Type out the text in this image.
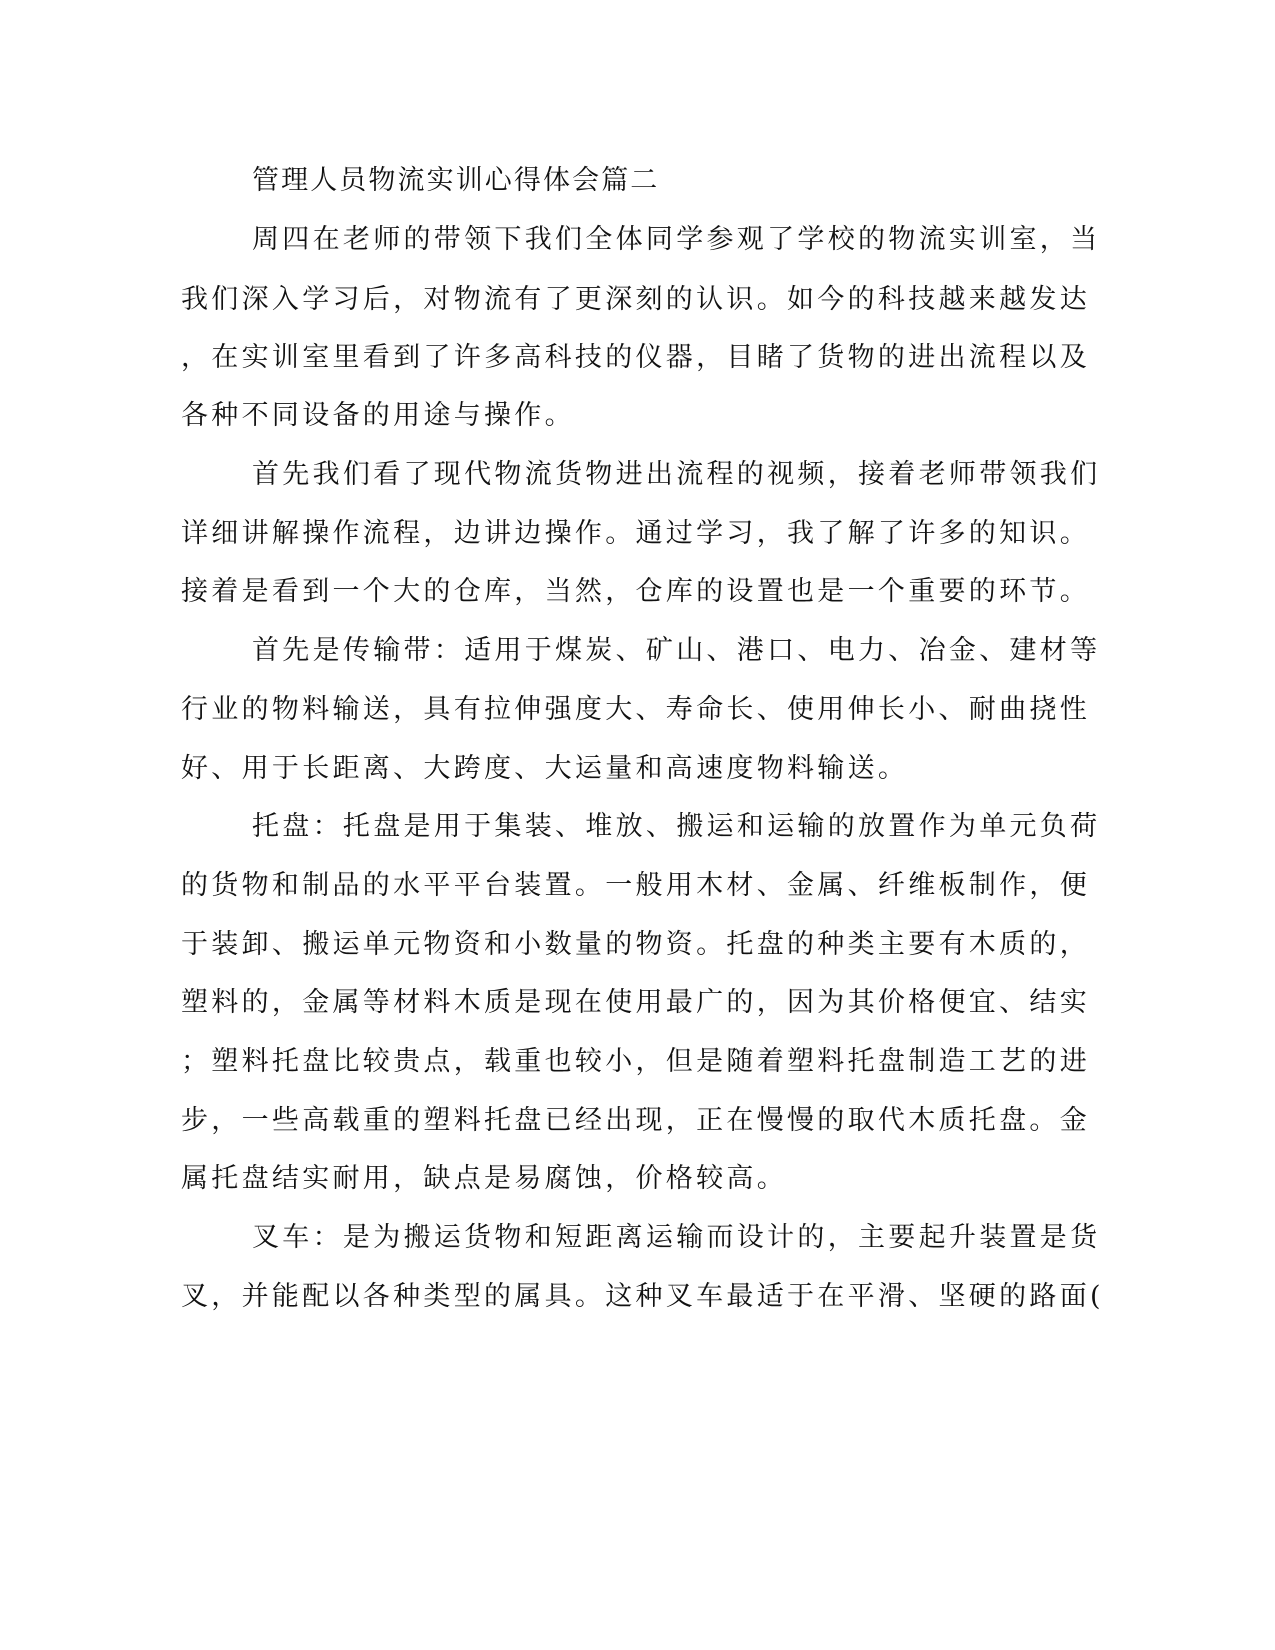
管理人员物流实训心得体会篇二
周四在老师的带领下我们全体同学参观了学校的物流实训室，当
我们深入学习后，对物流有了更深刻的认识。如今的科技越来越发达
，在实训室里看到了许多高科技的仪器，目睹了货物的进出流程以及
各种不同设备的用途与操作。
首先我们看了现代物流货物进出流程的视频，接着老师带领我们
详细讲解操作流程，边讲边操作。通过学习，我了解了许多的知识。
接着是看到一个大的仓库，当然，仓库的设置也是一个重要的环节。
首先是传输带：适用于煤炭、矿山、港口、电力、冶金、建材等
行业的物料输送，具有拉伸强度大、寿命长、使用伸长小、耐曲挠性
好、用于长距离、大跨度、大运量和高速度物料输送。
托盘：托盘是用于集装、堆放、搬运和运输的放置作为单元负荷
的货物和制品的水平平台装置。一般用木材、金属、纤维板制作，便
于装卸、搬运单元物资和小数量的物资。托盘的种类主要有木质的，
塑料的，金属等材料木质是现在使用最广的，因为其价格便宜、结实
；塑料托盘比较贵点，载重也较小，但是随着塑料托盘制造工艺的进
步，一些高载重的塑料托盘已经出现，正在慢慢的取代木质托盘。金
属托盘结实耐用，缺点是易腐蚀，价格较高。
叉车：是为搬运货物和短距离运输而设计的，主要起升装置是货
叉，并能配以各种类型的属具。这种叉车最适于在平滑、坚硬的路面(
